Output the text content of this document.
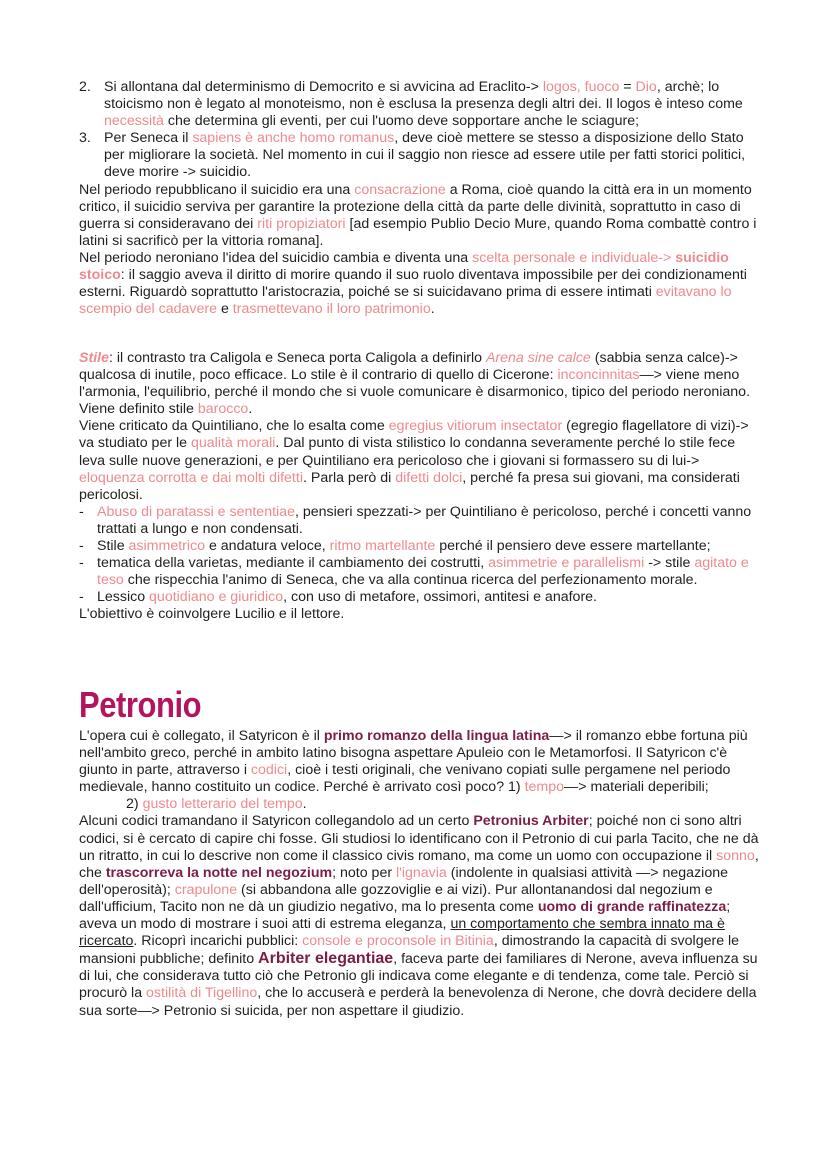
2. Si allontana dal determinismo di Democrito e si avvicina ad Eraclito-> logos, fuoco = Dio, archè; lo stoicismo non è legato al monoteismo, non è esclusa la presenza degli altri dei. Il logos è inteso come necessità che determina gli eventi, per cui l'uomo deve sopportare anche le sciagure;
3. Per Seneca il sapiens è anche homo romanus, deve cioè mettere se stesso a disposizione dello Stato per migliorare la società. Nel momento in cui il saggio non riesce ad essere utile per fatti storici politici, deve morire -> suicidio.

Nel periodo repubblicano il suicidio era una consacrazione a Roma, cioè quando la città era in un momento critico, il suicidio serviva per garantire la protezione della città da parte delle divinità, soprattutto in caso di guerra si consideravano dei riti propiziatori [ad esempio Publio Decio Mure, quando Roma combattè contro i latini si sacrificò per la vittoria romana].

Nel periodo neroniano l'idea del suicidio cambia e diventa una scelta personale e individuale-> suicidio stoico: il saggio aveva il diritto di morire quando il suo ruolo diventava impossibile per dei condizionamenti esterni. Riguardò soprattutto l'aristocrazia, poiché se si suicidavano prima di essere intimati evitavano lo scempio del cadavere e trasmettevano il loro patrimonio.

Stile: il contrasto tra Caligola e Seneca porta Caligola a definirlo Arena sine calce (sabbia senza calce)-> qualcosa di inutile, poco efficace. Lo stile è il contrario di quello di Cicerone: inconcinnitas—> viene meno l'armonia, l'equilibrio, perché il mondo che si vuole comunicare è disarmonico, tipico del periodo neroniano. Viene definito stile barocco.

Viene criticato da Quintiliano, che lo esalta come egregius vitiorum insectator (egregio flagellatore di vizi)-> va studiato per le qualità morali. Dal punto di vista stilistico lo condanna severamente perché lo stile fece leva sulle nuove generazioni, e per Quintiliano era pericoloso che i giovani si formassero su di lui-> eloquenza corrotta e dai molti difetti. Parla però di difetti dolci, perché fa presa sui giovani, ma considerati pericolosi.

- Abuso di paratassi e sententiae, pensieri spezzati-> per Quintiliano è pericoloso, perché i concetti vanno trattati a lungo e non condensati.
- Stile asimmetrico e andatura veloce, ritmo martellante perché il pensiero deve essere martellante;
- tematica della varietas, mediante il cambiamento dei costrutti, asimmetrie e parallelismi -> stile agitato e teso che rispecchia l'animo di Seneca, che va alla continua ricerca del perfezionamento morale.
- Lessico quotidiano e giuridico, con uso di metafore, ossimori, antitesi e anafore.

L'obiettivo è coinvolgere Lucilio e il lettore.

Petronio

L'opera cui è collegato, il Satyricon è il primo romanzo della lingua latina—> il romanzo ebbe fortuna più nell'ambito greco, perché in ambito latino bisogna aspettare Apuleio con le Metamorfosi. Il Satyricon c'è giunto in parte, attraverso i codici, cioè i testi originali, che venivano copiati sulle pergamene nel periodo medievale, hanno costituito un codice. Perché è arrivato così poco? 1) tempo—> materiali deperibili;

2) gusto letterario del tempo.

Alcuni codici tramandano il Satyricon collegandolo ad un certo Petronius Arbiter; poiché non ci sono altri codici, si è cercato di capire chi fosse. Gli studiosi lo identificano con il Petronio di cui parla Tacito, che ne dà un ritratto, in cui lo descrive non come il classico civis romano, ma come un uomo con occupazione il sonno, che trascorreva la notte nel negozium; noto per l'ignavia (indolente in qualsiasi attività —> negazione dell'operosità); crapulone (si abbandona alle gozzoviglie e ai vizi). Pur allontanandosi dal negozium e dall'ufficium, Tacito non ne dà un giudizio negativo, ma lo presenta come uomo di grande raffinatezza; aveva un modo di mostrare i suoi atti di estrema eleganza, un comportamento che sembra innato ma è ricercato. Ricoprì incarichi pubblici: console e proconsole in Bitinia, dimostrando la capacità di svolgere le mansioni pubbliche; definito Arbiter elegantiae, faceva parte dei familiares di Nerone, aveva influenza su di lui, che considerava tutto ciò che Petronio gli indicava come elegante e di tendenza, come tale. Perciò si procurò la ostilità di Tigellino, che lo accuserà e perderà la benevolenza di Nerone, che dovrà decidere della sua sorte—> Petronio si suicida, per non aspettare il giudizio.
